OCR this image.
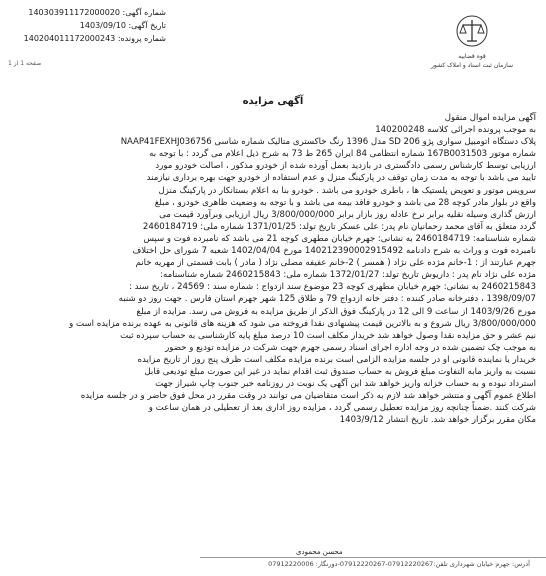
شماره آگهی: 140303911172000020
تاریخ آگهی: 1403/09/10
شماره پرونده: 140204011172000243
قوه قضاییه
سازمان ثبت اسناد و املاک کشور
صفحه 1 از 1
آگهی مزایده

آگهی مزایده اموال منقول

به موجب پرونده اجرائی کلاسه 140200248

پلاک دستگاه اتومبیل سواری پژو 206 SD مدل 1396 رنگ خاکستری متالیک شماره شاسی NAAP41FEXHJ036756

شماره موتور 167B0031503 شماره انتظامی 84 ایران 265 ط 73 به شرح ذیل اعلام می گردد : با توجه به

ارزیابی توسط کارشناس رسمی دادگستری در بازدید بعمل آورده شده از خودرو مذکور ، اصالت خودرو مورد

تایید می باشد با توجه به مدت زمان توقف در پارکینگ منزل و عدم استفاده از خودرو جهت بهره برداری نیازمند

سرویس موتور و تعویض پلستیک ها ، باطری خودرو می باشد . خودرو بنا به اعلام بستانکار در پارکینگ منزل

واقع در بلوار مادر کوچه 28 می باشد و خودرو فاقد بیمه می باشد و با توجه به وضعیت ظاهری خودرو ، مبلغ

ارزش گذاری وسیله نقلیه برابر نرخ عادله روز بازار برابر 3/800/000/000 ریال ارزیابی وبرآورد قیمت می

گردد متعلق به آقای محمد رحمانیان نام پدر: علی عسکر تاریخ تولد: 1371/01/25 شماره ملی: 2460184719

شماره شناسنامه: 2460184719 به نشانی: جهرم خیابان مطهری کوچه 21 می باشد که نامبرده فوت و سپس

نامبرده فوت و وراث به شرح دادنامه 140212390002915492 مورخ 1402/04/04 شعبه 7 شورای حل اختلاف

جهرم عبارتند از : 1-خانم مژده علی نژاد ( همسر ) 2-خانم عفیفه مصلی نژاد ( مادر ) بابت قسمتی از مهریه خانم

مژده علی نژاد نام پدر : داریوش تاریخ تولد: 1372/01/27 شماره ملی: 2460215843 شماره شناسنامه:

2460215843 به نشانی: جهرم خیابان مطهری کوچه 23 موضوع سند ازدواج : شماره سند : 24569 ، تاریخ سند :

1398/09/07 ، دفترخانه صادر کننده : دفتر خانه ازدواج 79 و طلاق 125 شهر جهرم استان فارس . جهت روز دو شنبه

مورخ 1403/9/26 از ساعت 9 الی 12 در پارکینگ فوق الذکر از طریق مزایده به فروش می رسد. مزایده از مبلغ

3/800/000/000 ریال شروع و به بالاترین قیمت پیشنهادی نقدا فروخته می شود که هزینه های قانونی به عهده برنده مزایده است و

نیم عشر و حق مزایده نقدا وصول خواهد شد خریدار مکلف است 10 درصد مبلغ پایه کارشناسی به حساب سپرده ثبت

به موجب چک تضمین شده در وجه اداره اجرای اسناد رسمی جهرم جهت شرکت در مزایده تودیع و حضور

خریدار یا نماینده قانونی او در جلسه مزایده الزامی است برنده مزایده مکلف است ظرف پنج روز از تاریخ مزایده

نسبت به واریز مابه التفاوت مبلغ فروش به حساب صندوق ثبت اقدام نماید در غیر این صورت مبلغ تودیعی قابل

استرداد نبوده و به حساب خزانه واریز خواهد شد این آگهی یک نوبت در روزنامه خبر جنوب چاپ شیراز جهت

اطلاع عموم آگهی و منتشر خواهد شد لازم به ذکر است متقاضیان می توانند در وقت مقرر در محل فوق حاضر و در جلسه مزایده

شرکت کنند .ضمناً چنانچه روز مزایده تعطیل رسمی گردد ، مزایده روز اداری بعد از تعطیلی در همان ساعت و

مکان مقرر برگزار خواهد شد. تاریخ انتشار 1403/9/12

محسن محمودی
آدرس: جهرم خیابان شهرداری تلفن:07912220267-07912220267-دورنگار: 07912220006
